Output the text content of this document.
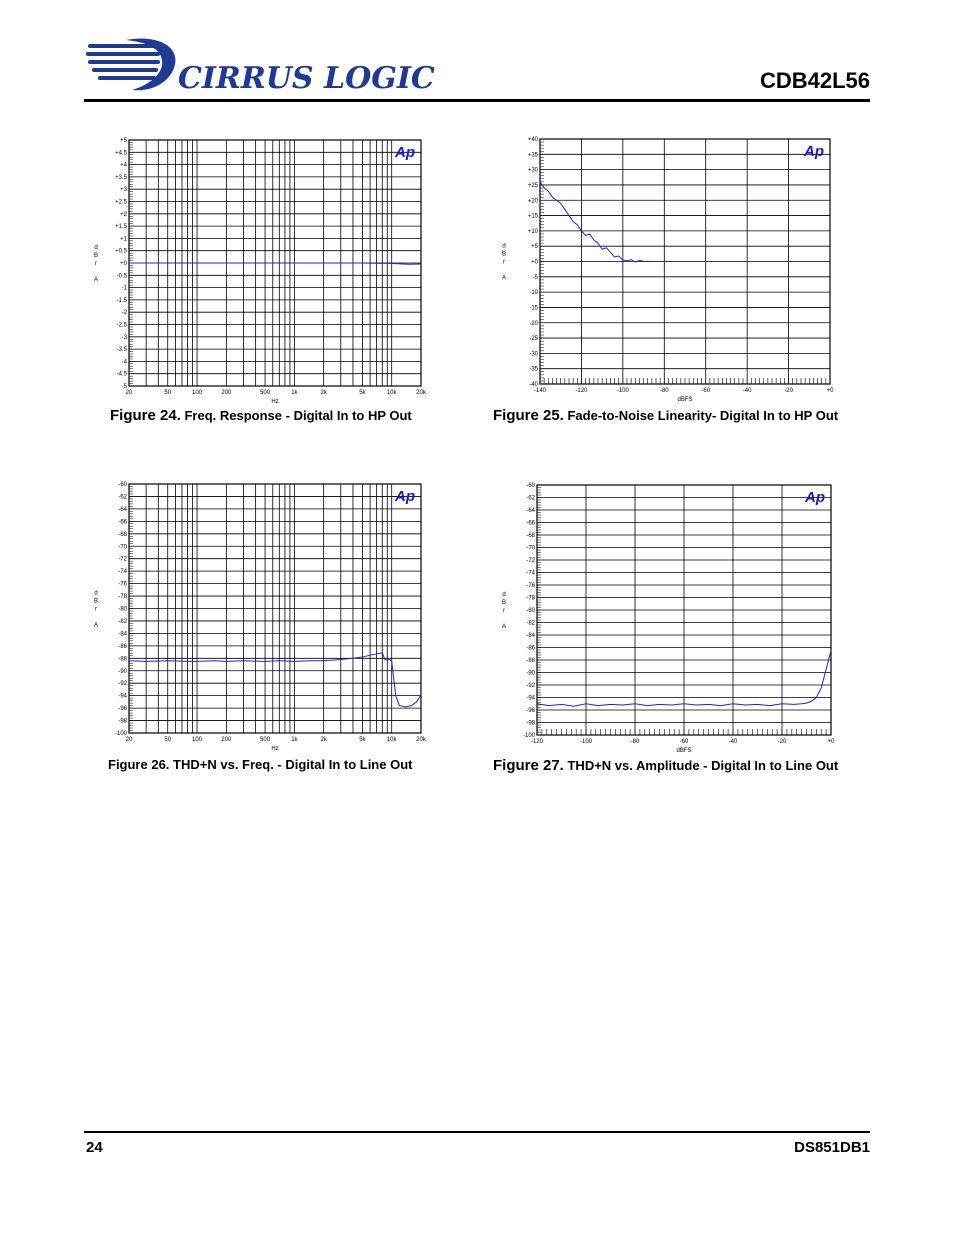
CIRRUS LOGIC	CDB42L56
+5
+4.5
+4
+3.5
+3
+2.5
+2
+1.5
+1
+0.5
+0
-0.5
-1
-1.5
-2
-2.5
-3
-3.5
-4
-4.5
-5
20	50	100	200	500	1k	2k	5k	10k	20k
Hz
d B r A
Ap
+40
+35
+30
+25
+20
+15
+10
+5
+0
-5
-10
-15
-20
-25
-30
-35
-40
-140	-120	-100	-80	-60	-40	-20	+0
dBFS
d B r A
Ap
-60
-62
-64
-66
-68
-70
-72
-74
-76
-78
-80
-82
-84
-86
-88
-90
-92
-94
-96
-98
-100
20	50	100	200	500	1k	2k	5k	10k	20k
Hz
d B r A
Ap
-60
-62
-64
-66
-68
-70
-72
-74
-76
-78
-80
-82
-84
-86
-88
-90
-92
-94
-96
-98
-100
-120	-100	-80	-60	-40	-20	+0
dBFS
d B r A
Ap
Figure 24. Freq. Response - Digital In to HP Out	Figure 25. Fade-to-Noise Linearity- Digital In to HP Out
Figure 26. THD+N vs. Freq. - Digital In to Line Out	Figure 27. THD+N vs. Amplitude - Digital In to Line Out
24	DS851DB1
